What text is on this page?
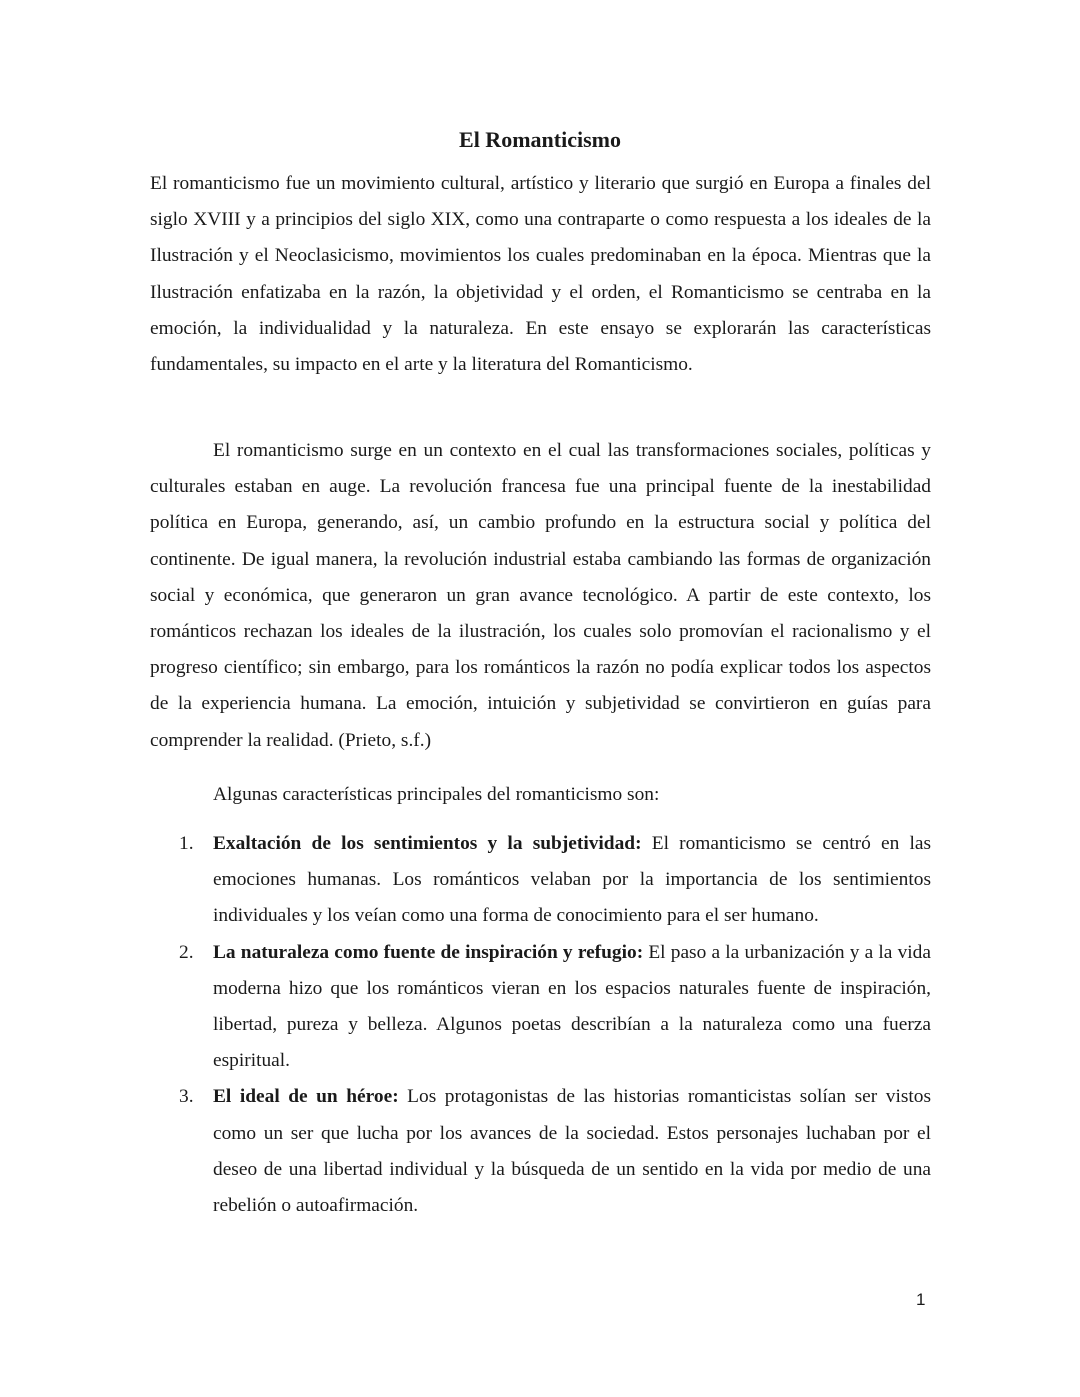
El Romanticismo

El romanticismo fue un movimiento cultural, artístico y literario que surgió en Europa a finales del siglo XVIII y a principios del siglo XIX, como una contraparte o como respuesta a los ideales de la Ilustración y el Neoclasicismo, movimientos los cuales predominaban en la época. Mientras que la Ilustración enfatizaba en la razón, la objetividad y el orden, el Romanticismo se centraba en la emoción, la individualidad y la naturaleza. En este ensayo se explorarán las características fundamentales, su impacto en el arte y la literatura del Romanticismo.

El romanticismo surge en un contexto en el cual las transformaciones sociales, políticas y culturales estaban en auge. La revolución francesa fue una principal fuente de la inestabilidad política en Europa, generando, así, un cambio profundo en la estructura social y política del continente. De igual manera, la revolución industrial estaba cambiando las formas de organización social y económica, que generaron un gran avance tecnológico. A partir de este contexto, los románticos rechazan los ideales de la ilustración, los cuales solo promovían el racionalismo y el progreso científico; sin embargo, para los románticos la razón no podía explicar todos los aspectos de la experiencia humana. La emoción, intuición y subjetividad se convirtieron en guías para comprender la realidad. (Prieto, s.f.)

Algunas características principales del romanticismo son:

1. Exaltación de los sentimientos y la subjetividad: El romanticismo se centró en las emociones humanas. Los románticos velaban por la importancia de los sentimientos individuales y los veían como una forma de conocimiento para el ser humano.
2. La naturaleza como fuente de inspiración y refugio: El paso a la urbanización y a la vida moderna hizo que los románticos vieran en los espacios naturales fuente de inspiración, libertad, pureza y belleza. Algunos poetas describían a la naturaleza como una fuerza espiritual.
3. El ideal de un héroe: Los protagonistas de las historias romanticistas solían ser vistos como un ser que lucha por los avances de la sociedad. Estos personajes luchaban por el deseo de una libertad individual y la búsqueda de un sentido en la vida por medio de una rebelión o autoafirmación.
1
